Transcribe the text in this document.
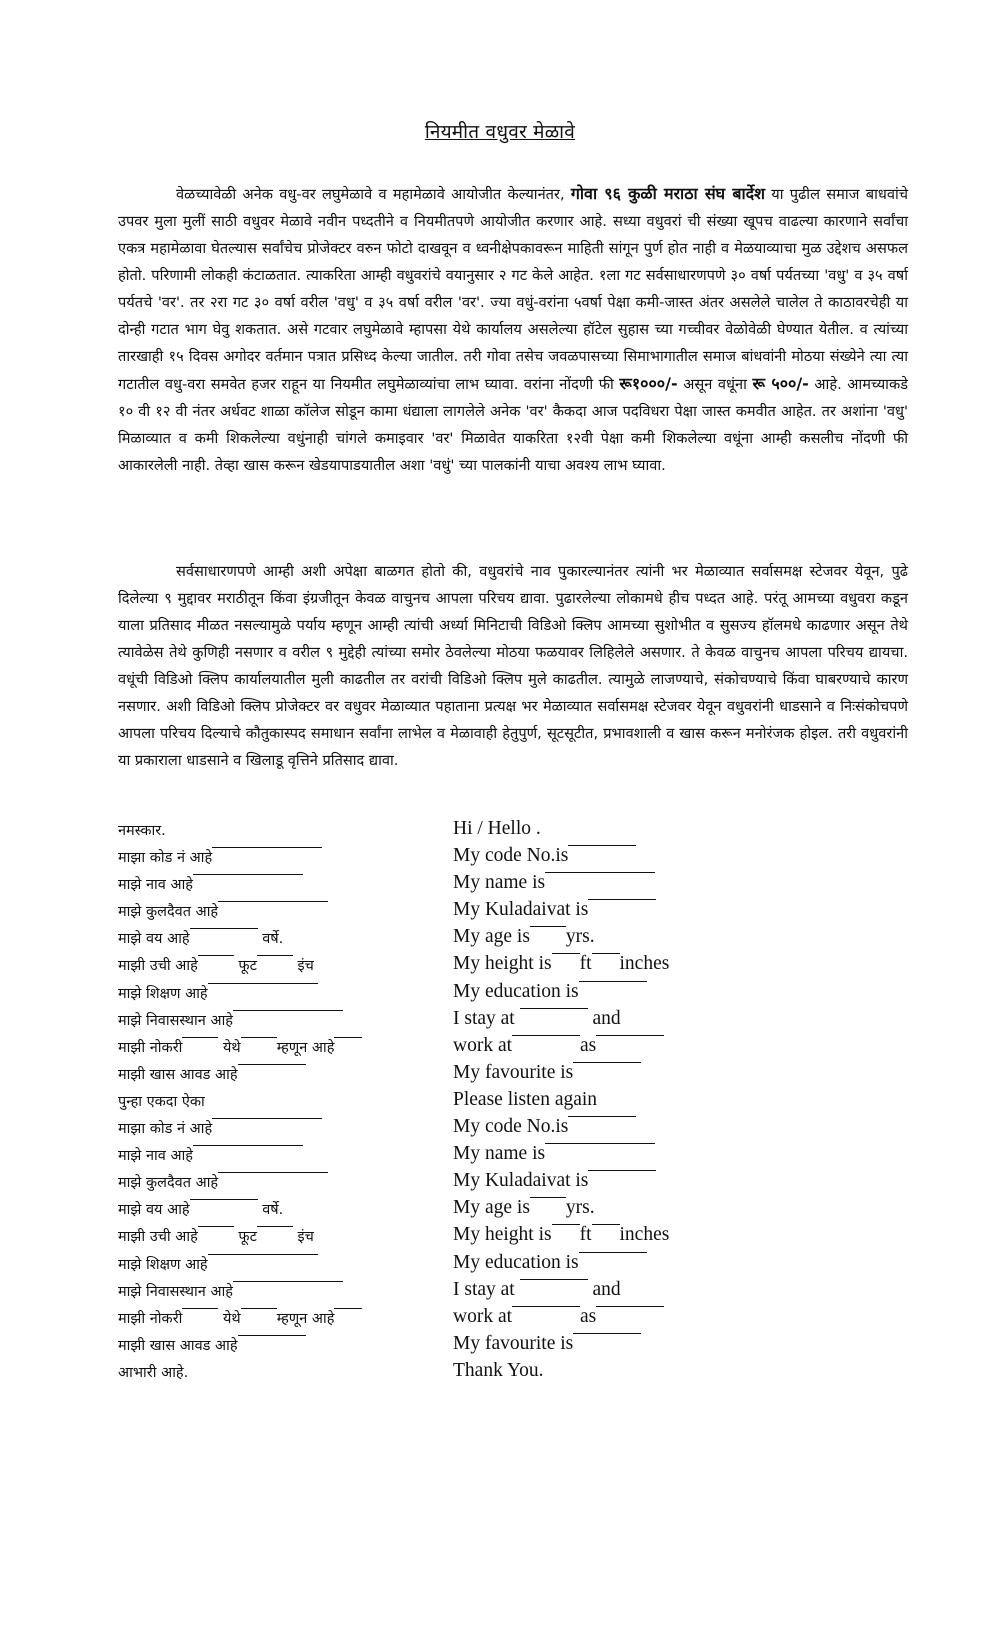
नियमीत वधुवर मेळावे

वेळच्यावेळी अनेक वधु-वर लघुमेळावे व महामेळावे आयोजीत केल्यानंतर, गोवा ९६ कुळी मराठा संघ बार्देश या पुढील समाज बाधवांचे उपवर मुला मुलीं साठी वधुवर मेळावे नवीन पध्दतीने व नियमीतपणे आयोजीत करणार आहे. सध्या वधुवरां ची संख्या खूपच वाढल्या कारणाने सर्वांचा एकत्र महामेळावा घेतल्यास सर्वांचेच प्रोजेक्टर वरुन फोटो दाखवून व ध्वनीक्षेपकावरून माहिती सांगून पुर्ण होत नाही व मेळयाव्याचा मुळ उद्देशच असफल होतो. परिणामी लोकही कंटाळतात. त्याकरिता आम्ही वधुवरांचे वयानुसार २ गट केले आहेत. १ला गट सर्वसाधारणपणे ३० वर्षा पर्यतच्या 'वधु' व ३५ वर्षा पर्यतचे 'वर'. तर २रा गट ३० वर्षा वरील 'वधु' व ३५ वर्षा वरील 'वर'. ज्या वधुं-वरांना ५वर्षा पेक्षा कमी-जास्त अंतर असलेले चालेल ते काठावरचेही या दोन्ही गटात भाग घेवु शकतात. असे गटवार लघुमेळावे म्हापसा येथे कार्यालय असलेल्या हॉटेल सुहास च्या गच्चीवर वेळोवेळी घेण्यात येतील. व त्यांच्या तारखाही १५ दिवस अगोदर वर्तमान पत्रात प्रसिध्द केल्या जातील. तरी गोवा तसेच जवळपासच्या सिमाभागातील समाज बांधवांनी मोठया संख्येने त्या त्या गटातील वधु-वरा समवेत हजर राहून या नियमीत लघुमेळाव्यांचा लाभ घ्यावा. वरांना नोंदणी फी रू१०००/- असून वधूंना रू ५००/- आहे. आमच्याकडे १० वी १२ वी नंतर अर्धवट शाळा कॉलेज सोडून कामा धंद्याला लागलेले अनेक 'वर' कैकदा आज पदविधरा पेक्षा जास्त कमवीत आहेत. तर अशांना 'वधु' मिळाव्यात व कमी शिकलेल्या वधुंनाही चांगले कमाइवार 'वर' मिळावेत याकरिता १२वी पेक्षा कमी शिकलेल्या वधूंना आम्ही कसलीच नोंदणी फी आकारलेली नाही. तेव्हा खास करून खेडयापाडयातील अशा 'वधुं' च्या पालकांनी याचा अवश्य लाभ घ्यावा.

सर्वसाधारणपणे आम्ही अशी अपेक्षा बाळगत होतो की, वधुवरांचे नाव पुकारल्यानंतर त्यांनी भर मेळाव्यात सर्वासमक्ष स्टेजवर येवून, पुढे दिलेल्या ९ मुद्दावर मराठीतून किंवा इंग्रजीतून केवळ वाचुनच आपला परिचय द्यावा. पुढारलेल्या लोकामधे हीच पध्दत आहे. परंतू आमच्या वधुवरा कडून याला प्रतिसाद मीळत नसल्यामुळे पर्याय म्हणून आम्ही त्यांची अर्ध्या मिनिटाची विडिओ क्लिप आमच्या सुशोभीत व सुसज्य हॉलमधे काढणार असून तेथे त्यावेळेस तेथे कुणिही नसणार व वरील ९ मुद्देही त्यांच्या समोर ठेवलेल्या मोठया फळयावर लिहिलेले असणार. ते केवळ वाचुनच आपला परिचय द्यायचा. वधूंची विडिओ क्लिप कार्यालयातील मुली काढतील तर वरांची विडिओ क्लिप मुले काढतील. त्यामुळे लाजण्याचे, संकोचण्याचे किंवा घाबरण्याचे कारण नसणार. अशी विडिओ क्लिप प्रोजेक्टर वर वधुवर मेळाव्यात पहाताना प्रत्यक्ष भर मेळाव्यात सर्वासमक्ष स्टेजवर येवून वधुवरांनी धाडसाने व निःसंकोचपणे आपला परिचय दिल्याचे कौतुकास्पद समाधान सर्वांना लाभेल व मेळावाही हेतुपुर्ण, सूटसूटीत, प्रभावशाली व खास करून मनोरंजक होइल. तरी वधुवरांनी या प्रकाराला धाडसाने व खिलाडू वृत्तिने प्रतिसाद द्यावा.

नमस्कार.	Hi / Hello .
माझा कोड नं आहे	My code No.is
माझे नाव आहे	My name is
माझे कुलदैवत आहे	My Kuladaivat is
माझे वय आहे	वर्षे.	My age is yrs.
माझी उची आहे	फूट	इंच	My height is ft inches
माझे शिक्षण आहे	My education is
माझे निवासस्थान आहे	I stay at	and
माझी नोकरी	येथे म्हणून आहे	work at	as
माझी खास आवड आहे	My favourite is
पुन्हा एकदा ऐका	Please listen again
माझा कोड नं आहे	My code No.is
माझे नाव आहे	My name is
माझे कुलदैवत आहे	My Kuladaivat is
माझे वय आहे	वर्षे.	My age is yrs.
माझी उची आहे	फूट	इंच	My height is ft inches
माझे शिक्षण आहे	My education is
माझे निवासस्थान आहे	I stay at	and
माझी नोकरी	येथे म्हणून आहे	work at	as
माझी खास आवड आहे	My favourite is
आभारी आहे.	Thank You.
